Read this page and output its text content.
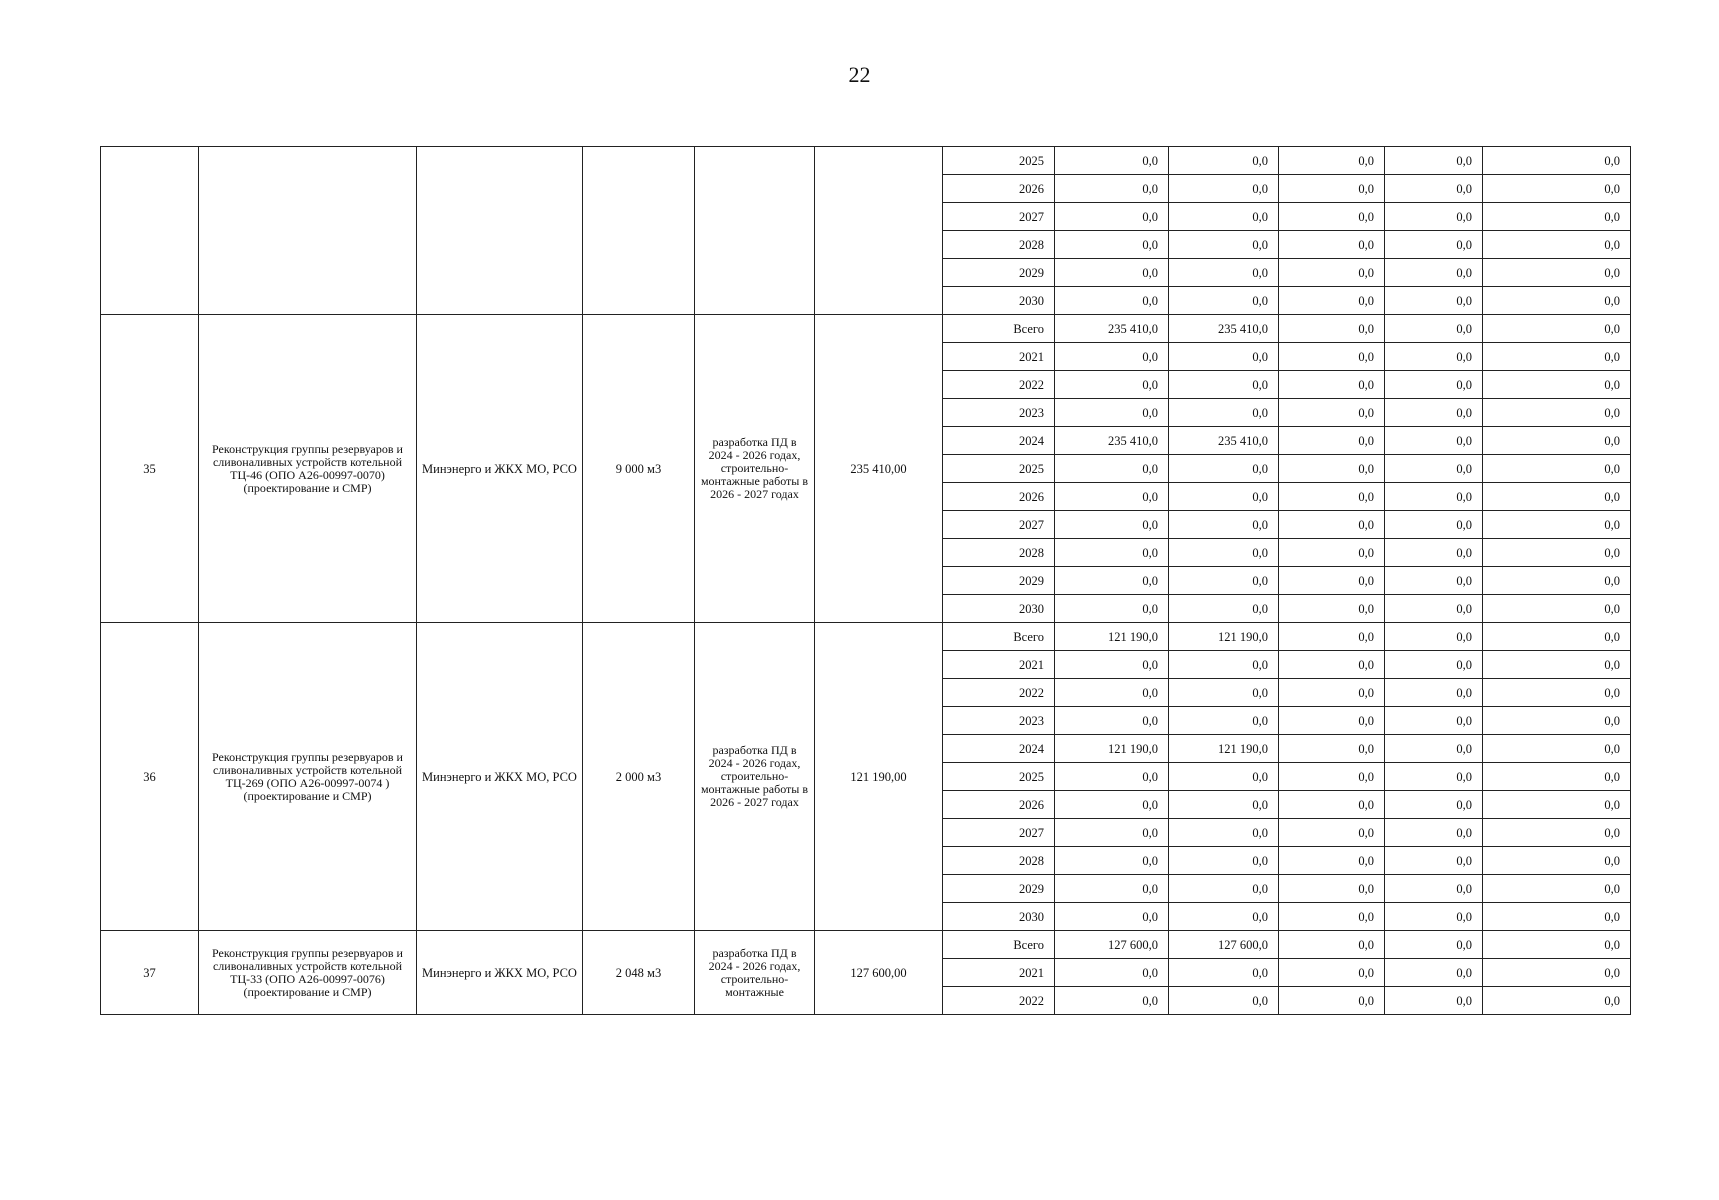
22
						2025	0,0	0,0	0,0	0,0	0,0
						2026	0,0	0,0	0,0	0,0	0,0
						2027	0,0	0,0	0,0	0,0	0,0
						2028	0,0	0,0	0,0	0,0	0,0
						2029	0,0	0,0	0,0	0,0	0,0
						2030	0,0	0,0	0,0	0,0	0,0
35	Реконструкция группы резервуаров и сливоналивных устройств котельной ТЦ-46 (ОПО А26-00997-0070) (проектирование и СМР)	Минэнерго и ЖКХ МО, РСО	9 000 м3	разработка ПД в 2024 - 2026 годах, строительно-монтажные работы в 2026 - 2027 годах	235 410,00	Всего	235 410,0	235 410,0	0,0	0,0	0,0
						2021	0,0	0,0	0,0	0,0	0,0
						2022	0,0	0,0	0,0	0,0	0,0
						2023	0,0	0,0	0,0	0,0	0,0
						2024	235 410,0	235 410,0	0,0	0,0	0,0
						2025	0,0	0,0	0,0	0,0	0,0
						2026	0,0	0,0	0,0	0,0	0,0
						2027	0,0	0,0	0,0	0,0	0,0
						2028	0,0	0,0	0,0	0,0	0,0
						2029	0,0	0,0	0,0	0,0	0,0
						2030	0,0	0,0	0,0	0,0	0,0
36	Реконструкция группы резервуаров и сливоналивных устройств котельной ТЦ-269 (ОПО А26-00997-0074 ) (проектирование и СМР)	Минэнерго и ЖКХ МО, РСО	2 000 м3	разработка ПД в 2024 - 2026 годах, строительно-монтажные работы в 2026 - 2027 годах	121 190,00	Всего	121 190,0	121 190,0	0,0	0,0	0,0
						2021	0,0	0,0	0,0	0,0	0,0
						2022	0,0	0,0	0,0	0,0	0,0
						2023	0,0	0,0	0,0	0,0	0,0
						2024	121 190,0	121 190,0	0,0	0,0	0,0
						2025	0,0	0,0	0,0	0,0	0,0
						2026	0,0	0,0	0,0	0,0	0,0
						2027	0,0	0,0	0,0	0,0	0,0
						2028	0,0	0,0	0,0	0,0	0,0
						2029	0,0	0,0	0,0	0,0	0,0
						2030	0,0	0,0	0,0	0,0	0,0
37	Реконструкция группы резервуаров и сливоналивных устройств котельной ТЦ-33 (ОПО А26-00997-0076) (проектирование и СМР)	Минэнерго и ЖКХ МО, РСО	2 048 м3	разработка ПД в 2024 - 2026 годах, строительно-монтажные	127 600,00	Всего	127 600,0	127 600,0	0,0	0,0	0,0
						2021	0,0	0,0	0,0	0,0	0,0
						2022	0,0	0,0	0,0	0,0	0,0
